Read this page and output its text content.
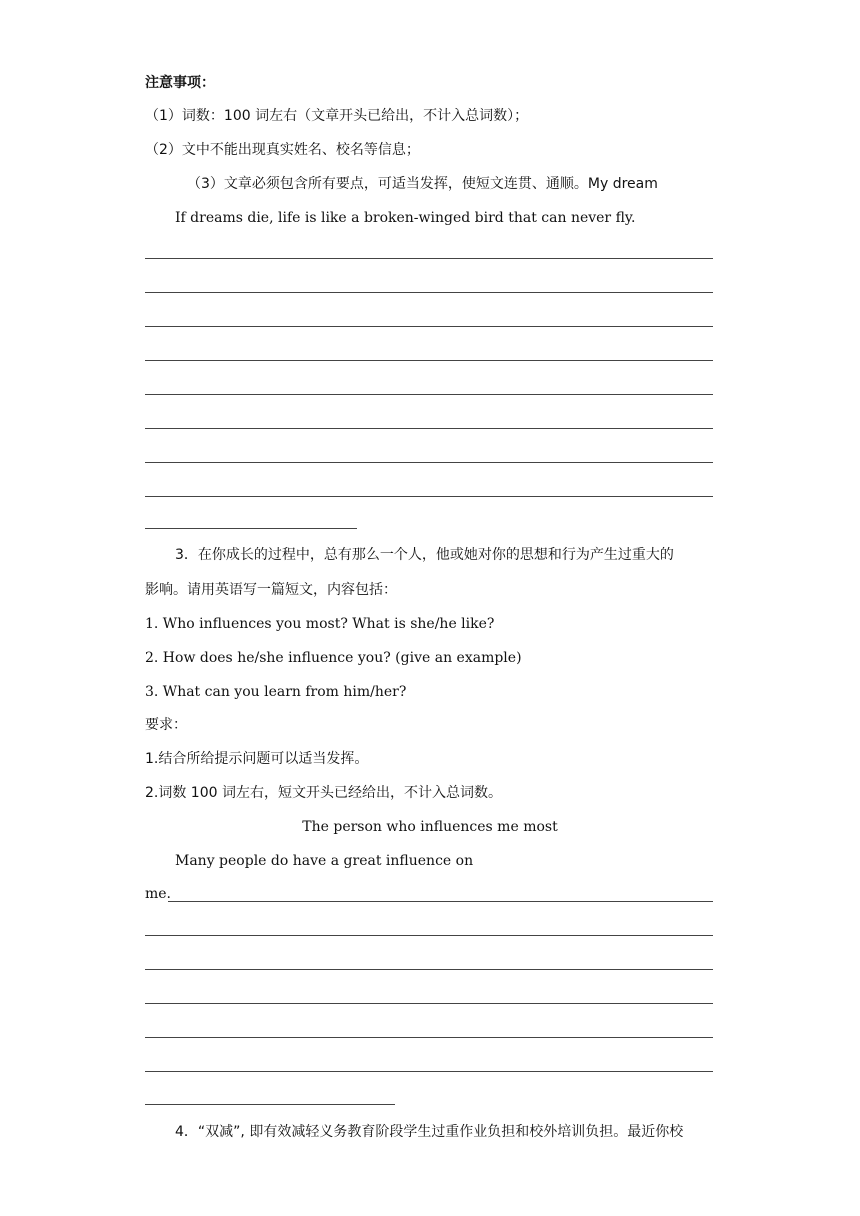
注意事项：
（1）词数：100 词左右（文章开头已给出，不计入总词数）；
（2）文中不能出现真实姓名、校名等信息；
（3）文章必须包含所有要点，可适当发挥，使短文连贯、通顺。My dream
If dreams die, life is like a broken-winged bird that can never fly.
3．在你成长的过程中，总有那么一个人，他或她对你的思想和行为产生过重大的
影响。请用英语写一篇短文，内容包括：
1. Who influences you most? What is she/he like?
2. How does he/she influence you? (give an example)
3. What can you learn from him/her?
要求：
1.结合所给提示问题可以适当发挥。
2.词数 100 词左右，短文开头已经给出，不计入总词数。
The person who influences me most
Many people do have a great influence on
me.
4．“双减”, 即有效减轻义务教育阶段学生过重作业负担和校外培训负担。最近你校
